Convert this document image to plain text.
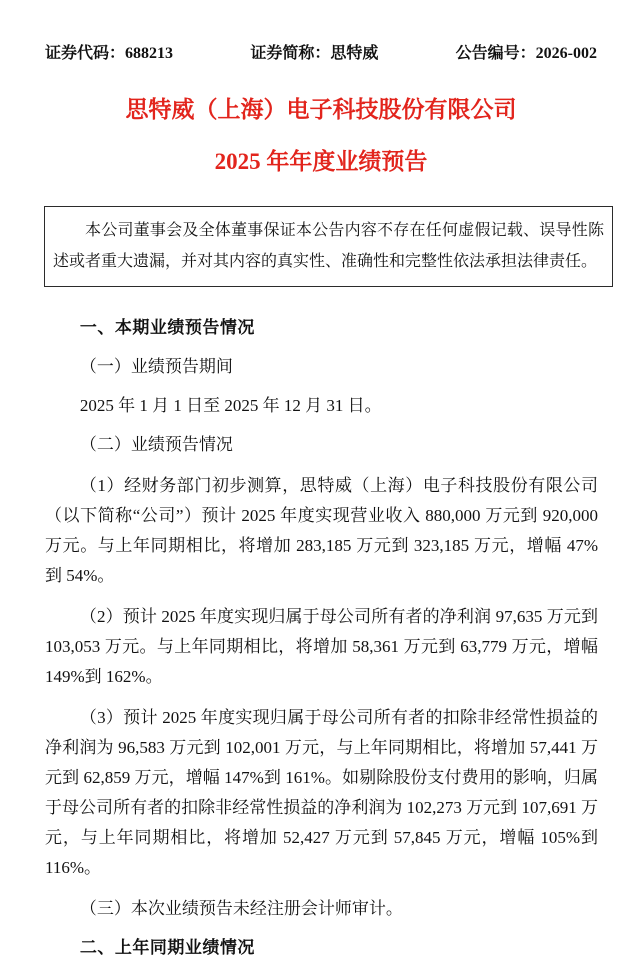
证券代码：688213	证券简称：思特威	公告编号：2026-002
思特威（上海）电子科技股份有限公司
2025 年年度业绩预告

本公司董事会及全体董事保证本公告内容不存在任何虚假记载、误导性陈述或者重大遗漏，并对其内容的真实性、准确性和完整性依法承担法律责任。

一、本期业绩预告情况

（一）业绩预告期间

2025 年 1 月 1 日至 2025 年 12 月 31 日。

（二）业绩预告情况

（1）经财务部门初步测算，思特威（上海）电子科技股份有限公司（以下简称“公司”）预计 2025 年度实现营业收入 880,000 万元到 920,000 万元。与上年同期相比，将增加 283,185 万元到 323,185 万元，增幅 47%到 54%。

（2）预计 2025 年度实现归属于母公司所有者的净利润 97,635 万元到 103,053 万元。与上年同期相比，将增加 58,361 万元到 63,779 万元，增幅 149%到 162%。

（3）预计 2025 年度实现归属于母公司所有者的扣除非经常性损益的净利润为 96,583 万元到 102,001 万元，与上年同期相比，将增加 57,441 万元到 62,859 万元，增幅 147%到 161%。如剔除股份支付费用的影响，归属于母公司所有者的扣除非经常性损益的净利润为 102,273 万元到 107,691 万元，与上年同期相比，将增加 52,427 万元到 57,845 万元，增幅 105%到 116%。

（三）本次业绩预告未经注册会计师审计。

二、上年同期业绩情况
